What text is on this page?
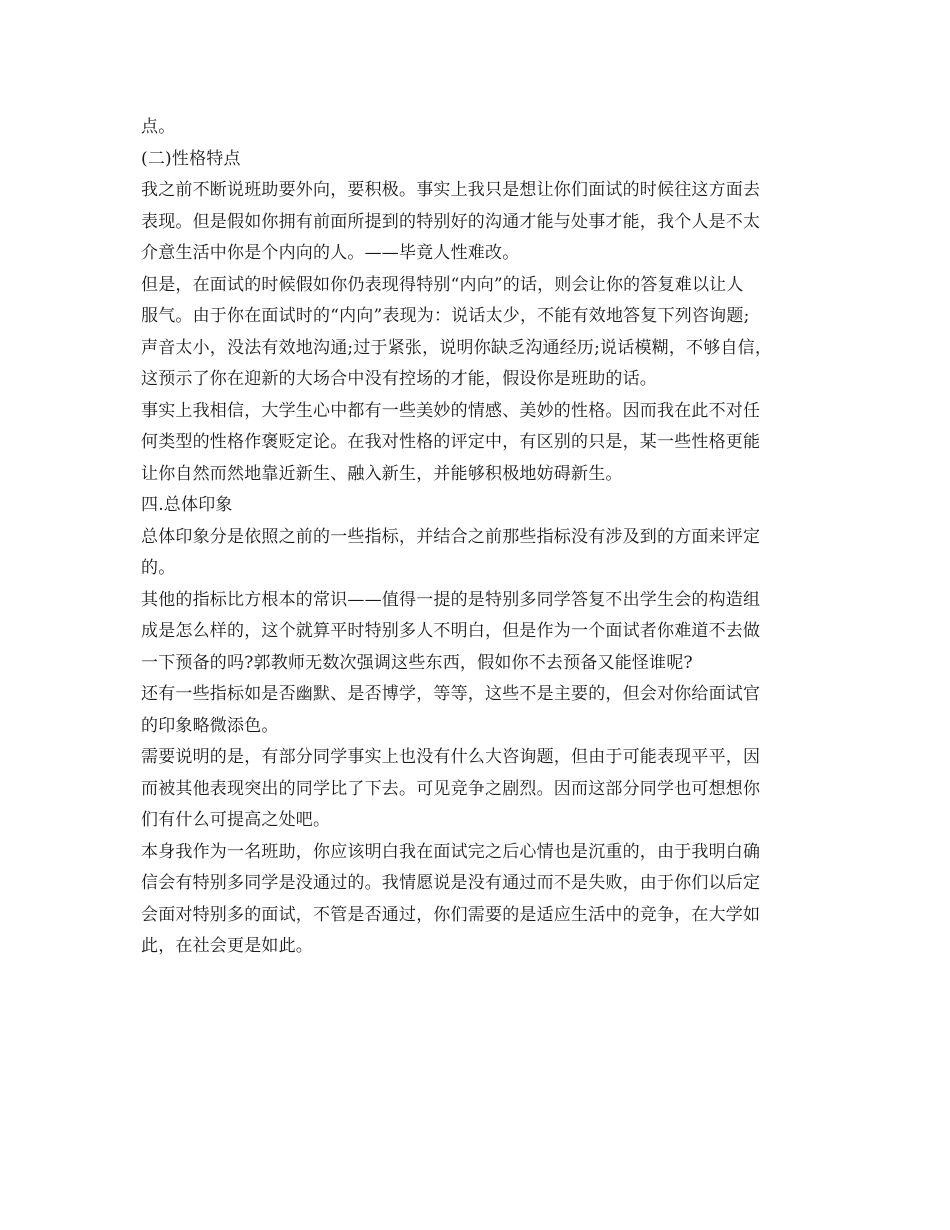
点。
(二)性格特点
我之前不断说班助要外向，要积极。事实上我只是想让你们面试的时候往这方面去
表现。但是假如你拥有前面所提到的特别好的沟通才能与处事才能，我个人是不太
介意生活中你是个内向的人。——毕竟人性难改。
但是，在面试的时候假如你仍表现得特别“内向”的话，则会让你的答复难以让人
服气。由于你在面试时的“内向”表现为：说话太少，不能有效地答复下列咨询题;
声音太小，没法有效地沟通;过于紧张，说明你缺乏沟通经历;说话模糊，不够自信，
这预示了你在迎新的大场合中没有控场的才能，假设你是班助的话。
事实上我相信，大学生心中都有一些美妙的情感、美妙的性格。因而我在此不对任
何类型的性格作褒贬定论。在我对性格的评定中，有区别的只是，某一些性格更能
让你自然而然地靠近新生、融入新生，并能够积极地妨碍新生。
四.总体印象
总体印象分是依照之前的一些指标，并结合之前那些指标没有涉及到的方面来评定
的。
其他的指标比方根本的常识——值得一提的是特别多同学答复不出学生会的构造组
成是怎么样的，这个就算平时特别多人不明白，但是作为一个面试者你难道不去做
一下预备的吗?郭教师无数次强调这些东西，假如你不去预备又能怪谁呢?
还有一些指标如是否幽默、是否博学，等等，这些不是主要的，但会对你给面试官
的印象略微添色。
需要说明的是，有部分同学事实上也没有什么大咨询题，但由于可能表现平平，因
而被其他表现突出的同学比了下去。可见竞争之剧烈。因而这部分同学也可想想你
们有什么可提高之处吧。
本身我作为一名班助，你应该明白我在面试完之后心情也是沉重的，由于我明白确
信会有特别多同学是没通过的。我情愿说是没有通过而不是失败，由于你们以后定
会面对特别多的面试，不管是否通过，你们需要的是适应生活中的竞争，在大学如
此，在社会更是如此。
